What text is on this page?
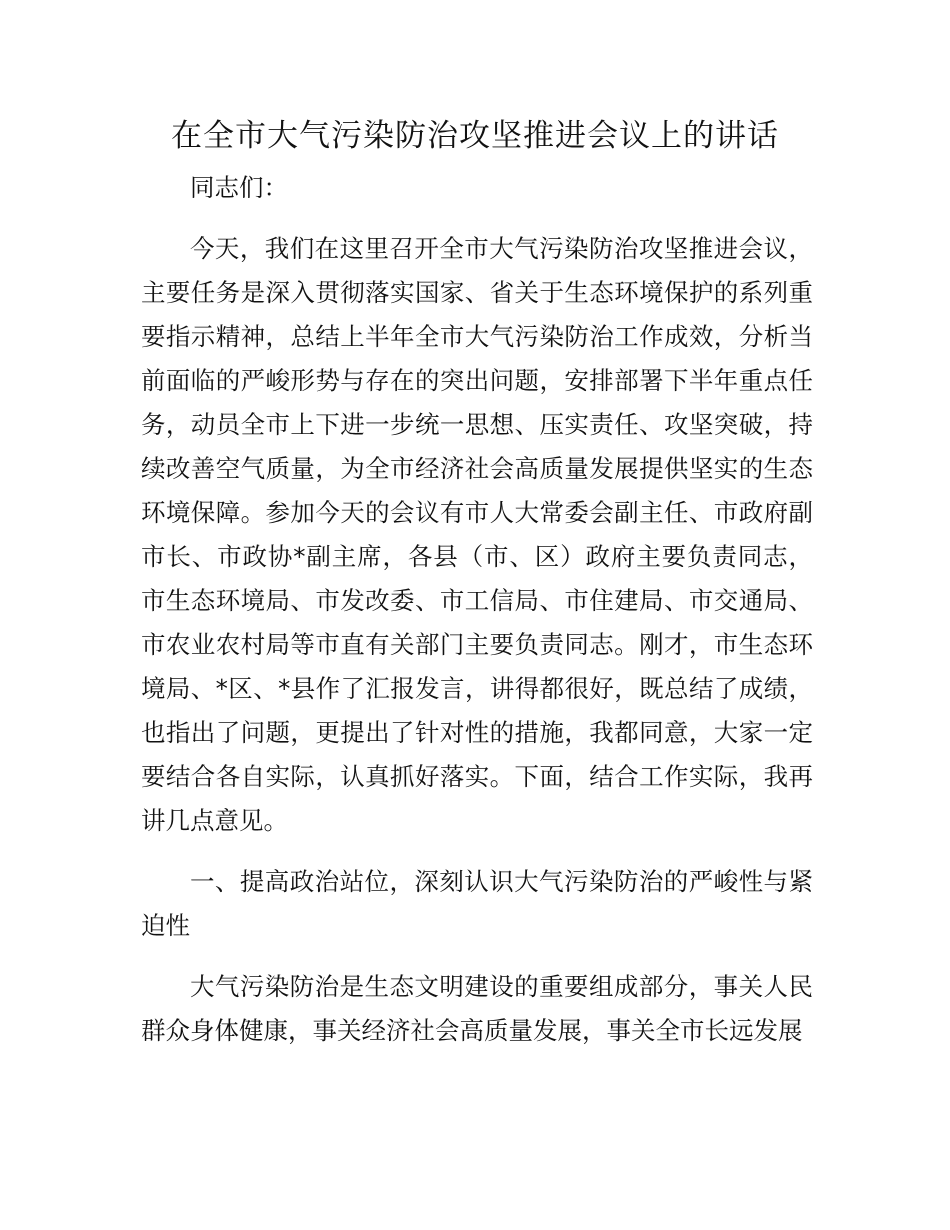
在全市大气污染防治攻坚推进会议上的讲话

同志们：

今天，我们在这里召开全市大气污染防治攻坚推进会议，主要任务是深入贯彻落实国家、省关于生态环境保护的系列重要指示精神，总结上半年全市大气污染防治工作成效，分析当前面临的严峻形势与存在的突出问题，安排部署下半年重点任务，动员全市上下进一步统一思想、压实责任、攻坚突破，持续改善空气质量，为全市经济社会高质量发展提供坚实的生态环境保障。参加今天的会议有市人大常委会副主任、市政府副市长、市政协*副主席，各县（市、区）政府主要负责同志，市生态环境局、市发改委、市工信局、市住建局、市交通局、市农业农村局等市直有关部门主要负责同志。刚才，市生态环境局、*区、*县作了汇报发言，讲得都很好，既总结了成绩，也指出了问题，更提出了针对性的措施，我都同意，大家一定要结合各自实际，认真抓好落实。下面，结合工作实际，我再讲几点意见。

一、提高政治站位，深刻认识大气污染防治的严峻性与紧迫性

大气污染防治是生态文明建设的重要组成部分，事关人民群众身体健康，事关经济社会高质量发展，事关全市长远发展
